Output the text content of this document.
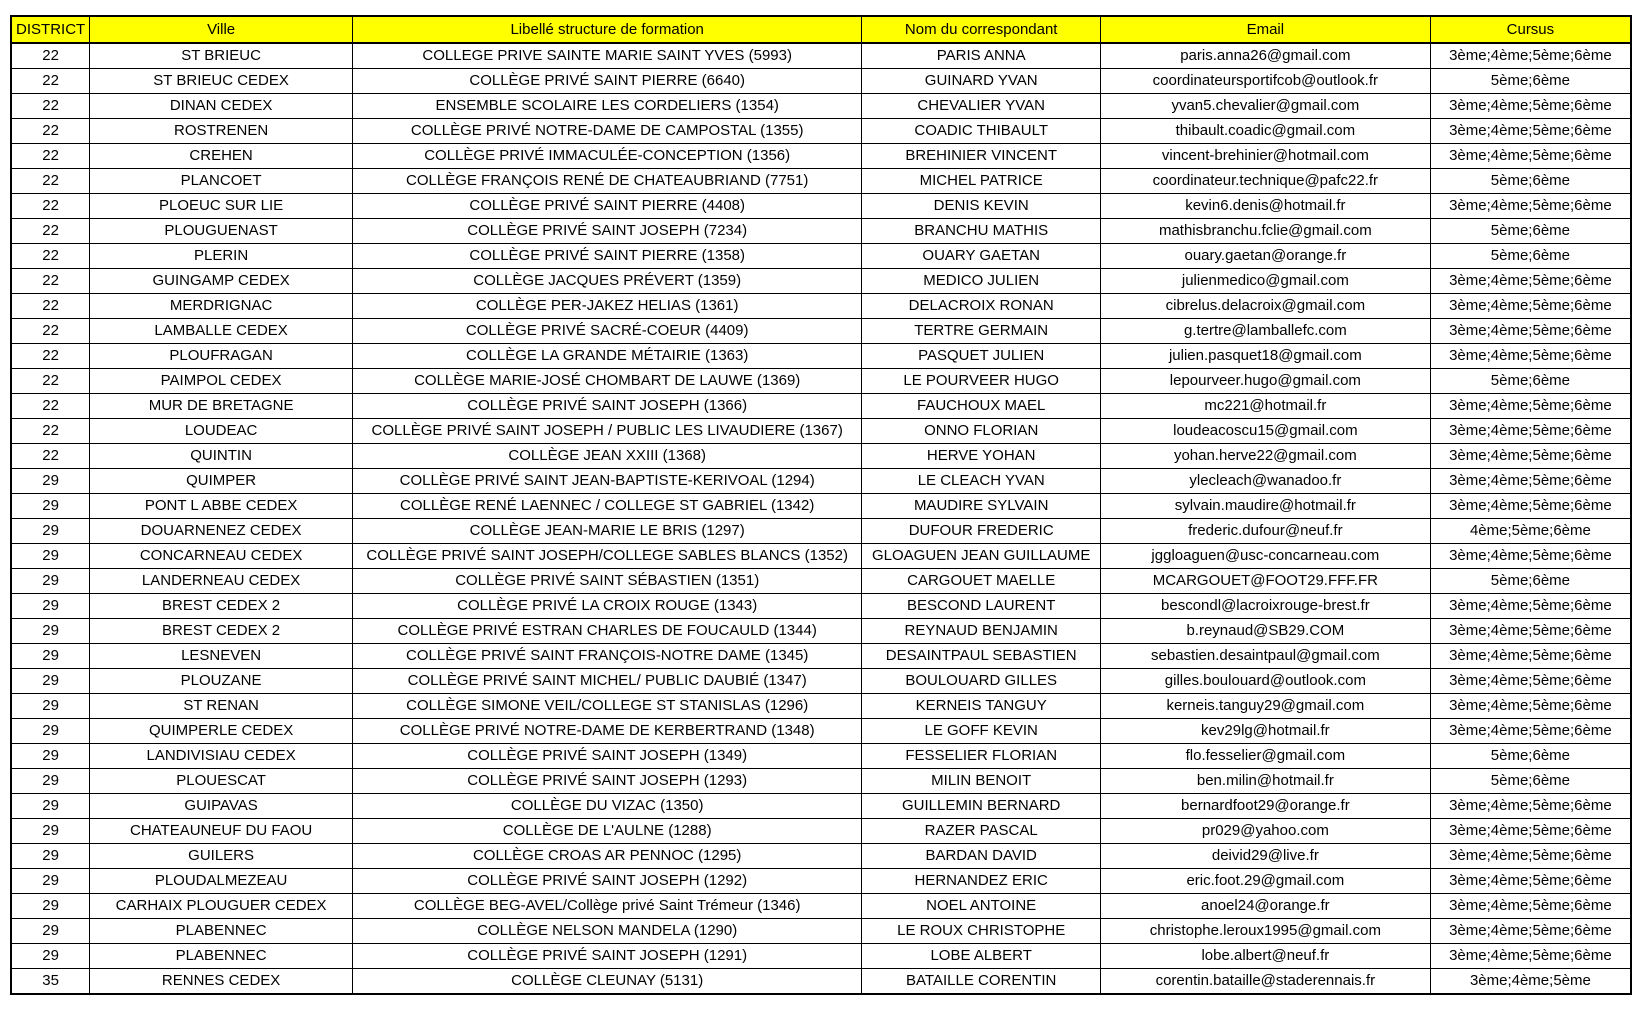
DISTRICT	Ville	Libellé structure de formation	Nom du correspondant	Email	Cursus
22	ST BRIEUC	COLLEGE PRIVE SAINTE MARIE SAINT YVES (5993)	PARIS ANNA	paris.anna26@gmail.com	3ème;4ème;5ème;6ème
22	ST BRIEUC CEDEX	COLLÈGE PRIVÉ SAINT PIERRE (6640)	GUINARD YVAN	coordinateursportifcob@outlook.fr	5ème;6ème
22	DINAN CEDEX	ENSEMBLE SCOLAIRE LES CORDELIERS (1354)	CHEVALIER YVAN	yvan5.chevalier@gmail.com	3ème;4ème;5ème;6ème
22	ROSTRENEN	COLLÈGE PRIVÉ NOTRE-DAME DE CAMPOSTAL (1355)	COADIC THIBAULT	thibault.coadic@gmail.com	3ème;4ème;5ème;6ème
22	CREHEN	COLLÈGE PRIVÉ IMMACULÉE-CONCEPTION (1356)	BREHINIER VINCENT	vincent-brehinier@hotmail.com	3ème;4ème;5ème;6ème
22	PLANCOET	COLLÈGE FRANÇOIS RENÉ DE CHATEAUBRIAND (7751)	MICHEL PATRICE	coordinateur.technique@pafc22.fr	5ème;6ème
22	PLOEUC SUR LIE	COLLÈGE PRIVÉ SAINT PIERRE (4408)	DENIS KEVIN	kevin6.denis@hotmail.fr	3ème;4ème;5ème;6ème
22	PLOUGUENAST	COLLÈGE PRIVÉ SAINT JOSEPH (7234)	BRANCHU MATHIS	mathisbranchu.fclie@gmail.com	5ème;6ème
22	PLERIN	COLLÈGE PRIVÉ SAINT PIERRE (1358)	OUARY GAETAN	ouary.gaetan@orange.fr	5ème;6ème
22	GUINGAMP CEDEX	COLLÈGE JACQUES PRÉVERT (1359)	MEDICO JULIEN	julienmedico@gmail.com	3ème;4ème;5ème;6ème
22	MERDRIGNAC	COLLÈGE PER-JAKEZ HELIAS (1361)	DELACROIX RONAN	cibrelus.delacroix@gmail.com	3ème;4ème;5ème;6ème
22	LAMBALLE CEDEX	COLLÈGE PRIVÉ SACRÉ-COEUR (4409)	TERTRE GERMAIN	g.tertre@lamballefc.com	3ème;4ème;5ème;6ème
22	PLOUFRAGAN	COLLÈGE LA GRANDE MÉTAIRIE (1363)	PASQUET JULIEN	julien.pasquet18@gmail.com	3ème;4ème;5ème;6ème
22	PAIMPOL CEDEX	COLLÈGE MARIE-JOSÉ CHOMBART DE LAUWE (1369)	LE POURVEER HUGO	lepourveer.hugo@gmail.com	5ème;6ème
22	MUR DE BRETAGNE	COLLÈGE PRIVÉ SAINT JOSEPH (1366)	FAUCHOUX MAEL	mc221@hotmail.fr	3ème;4ème;5ème;6ème
22	LOUDEAC	COLLÈGE PRIVÉ SAINT JOSEPH / PUBLIC LES LIVAUDIERE (1367)	ONNO FLORIAN	loudeacoscu15@gmail.com	3ème;4ème;5ème;6ème
22	QUINTIN	COLLÈGE JEAN XXIII (1368)	HERVE YOHAN	yohan.herve22@gmail.com	3ème;4ème;5ème;6ème
29	QUIMPER	COLLÈGE PRIVÉ SAINT JEAN-BAPTISTE-KERIVOAL (1294)	LE CLEACH YVAN	ylecleach@wanadoo.fr	3ème;4ème;5ème;6ème
29	PONT L ABBE CEDEX	COLLÈGE RENÉ LAENNEC / COLLEGE ST GABRIEL (1342)	MAUDIRE SYLVAIN	sylvain.maudire@hotmail.fr	3ème;4ème;5ème;6ème
29	DOUARNENEZ CEDEX	COLLÈGE JEAN-MARIE LE BRIS (1297)	DUFOUR FREDERIC	frederic.dufour@neuf.fr	4ème;5ème;6ème
29	CONCARNEAU CEDEX	COLLÈGE PRIVÉ SAINT JOSEPH/COLLEGE SABLES BLANCS (1352)	GLOAGUEN JEAN GUILLAUME	jggloaguen@usc-concarneau.com	3ème;4ème;5ème;6ème
29	LANDERNEAU CEDEX	COLLÈGE PRIVÉ SAINT SÉBASTIEN (1351)	CARGOUET MAELLE	MCARGOUET@FOOT29.FFF.FR	5ème;6ème
29	BREST CEDEX 2	COLLÈGE PRIVÉ LA CROIX ROUGE (1343)	BESCOND LAURENT	bescondl@lacroixrouge-brest.fr	3ème;4ème;5ème;6ème
29	BREST CEDEX 2	COLLÈGE PRIVÉ ESTRAN CHARLES DE FOUCAULD (1344)	REYNAUD BENJAMIN	b.reynaud@SB29.COM	3ème;4ème;5ème;6ème
29	LESNEVEN	COLLÈGE PRIVÉ SAINT FRANÇOIS-NOTRE DAME (1345)	DESAINTPAUL SEBASTIEN	sebastien.desaintpaul@gmail.com	3ème;4ème;5ème;6ème
29	PLOUZANE	COLLÈGE PRIVÉ SAINT MICHEL/ PUBLIC DAUBIÉ (1347)	BOULOUARD GILLES	gilles.boulouard@outlook.com	3ème;4ème;5ème;6ème
29	ST RENAN	COLLÈGE SIMONE VEIL/COLLEGE ST STANISLAS (1296)	KERNEIS TANGUY	kerneis.tanguy29@gmail.com	3ème;4ème;5ème;6ème
29	QUIMPERLE CEDEX	COLLÈGE PRIVÉ NOTRE-DAME DE KERBERTRAND (1348)	LE GOFF KEVIN	kev29lg@hotmail.fr	3ème;4ème;5ème;6ème
29	LANDIVISIAU CEDEX	COLLÈGE PRIVÉ SAINT JOSEPH (1349)	FESSELIER FLORIAN	flo.fesselier@gmail.com	5ème;6ème
29	PLOUESCAT	COLLÈGE PRIVÉ SAINT JOSEPH (1293)	MILIN BENOIT	ben.milin@hotmail.fr	5ème;6ème
29	GUIPAVAS	COLLÈGE DU VIZAC (1350)	GUILLEMIN BERNARD	bernardfoot29@orange.fr	3ème;4ème;5ème;6ème
29	CHATEAUNEUF DU FAOU	COLLÈGE DE L'AULNE (1288)	RAZER PASCAL	pr029@yahoo.com	3ème;4ème;5ème;6ème
29	GUILERS	COLLÈGE CROAS AR PENNOC (1295)	BARDAN DAVID	deivid29@live.fr	3ème;4ème;5ème;6ème
29	PLOUDALMEZEAU	COLLÈGE PRIVÉ SAINT JOSEPH (1292)	HERNANDEZ ERIC	eric.foot.29@gmail.com	3ème;4ème;5ème;6ème
29	CARHAIX PLOUGUER CEDEX	COLLÈGE BEG-AVEL/Collège privé Saint Trémeur (1346)	NOEL ANTOINE	anoel24@orange.fr	3ème;4ème;5ème;6ème
29	PLABENNEC	COLLÈGE NELSON MANDELA (1290)	LE ROUX CHRISTOPHE	christophe.leroux1995@gmail.com	3ème;4ème;5ème;6ème
29	PLABENNEC	COLLÈGE PRIVÉ SAINT JOSEPH (1291)	LOBE ALBERT	lobe.albert@neuf.fr	3ème;4ème;5ème;6ème
35	RENNES CEDEX	COLLÈGE CLEUNAY (5131)	BATAILLE CORENTIN	corentin.bataille@staderennais.fr	3ème;4ème;5ème
